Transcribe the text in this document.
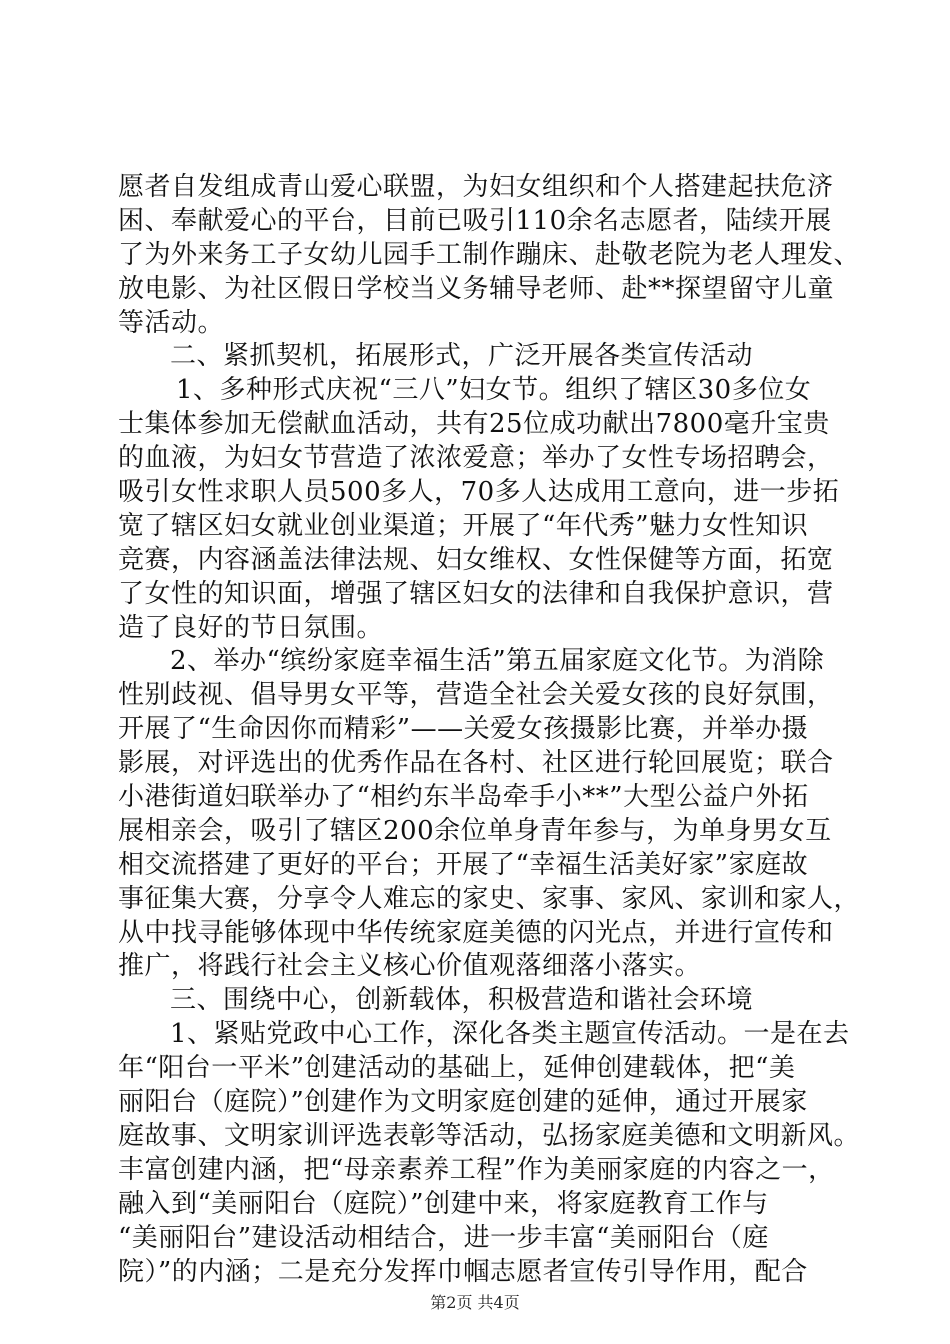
愿者自发组成青山爱心联盟，为妇女组织和个人搭建起扶危济
困、奉献爱心的平台，目前已吸引110余名志愿者，陆续开展
了为外来务工子女幼儿园手工制作蹦床、赴敬老院为老人理发、
放电影、为社区假日学校当义务辅导老师、赴**探望留守儿童
等活动。
二、紧抓契机，拓展形式，广泛开展各类宣传活动
1、多种形式庆祝“三八”妇女节。组织了辖区30多位女
士集体参加无偿献血活动，共有25位成功献出7800毫升宝贵
的血液，为妇女节营造了浓浓爱意；举办了女性专场招聘会，
吸引女性求职人员500多人，70多人达成用工意向，进一步拓
宽了辖区妇女就业创业渠道；开展了“年代秀”魅力女性知识
竞赛，内容涵盖法律法规、妇女维权、女性保健等方面，拓宽
了女性的知识面，增强了辖区妇女的法律和自我保护意识，营
造了良好的节日氛围。
2、举办“缤纷家庭幸福生活”第五届家庭文化节。为消除
性别歧视、倡导男女平等，营造全社会关爱女孩的良好氛围，
开展了“生命因你而精彩”——关爱女孩摄影比赛，并举办摄
影展，对评选出的优秀作品在各村、社区进行轮回展览；联合
小港街道妇联举办了“相约东半岛牵手小**”大型公益户外拓
展相亲会，吸引了辖区200余位单身青年参与，为单身男女互
相交流搭建了更好的平台；开展了“幸福生活美好家”家庭故
事征集大赛，分享令人难忘的家史、家事、家风、家训和家人，
从中找寻能够体现中华传统家庭美德的闪光点，并进行宣传和
推广，将践行社会主义核心价值观落细落小落实。
三、围绕中心，创新载体，积极营造和谐社会环境
1、紧贴党政中心工作，深化各类主题宣传活动。一是在去
年“阳台一平米”创建活动的基础上，延伸创建载体，把“美
丽阳台（庭院）”创建作为文明家庭创建的延伸，通过开展家
庭故事、文明家训评选表彰等活动，弘扬家庭美德和文明新风。
丰富创建内涵，把“母亲素养工程”作为美丽家庭的内容之一，
融入到“美丽阳台（庭院）”创建中来，将家庭教育工作与
“美丽阳台”建设活动相结合，进一步丰富“美丽阳台（庭
院）”的内涵；二是充分发挥巾帼志愿者宣传引导作用，配合
第2页 共4页
